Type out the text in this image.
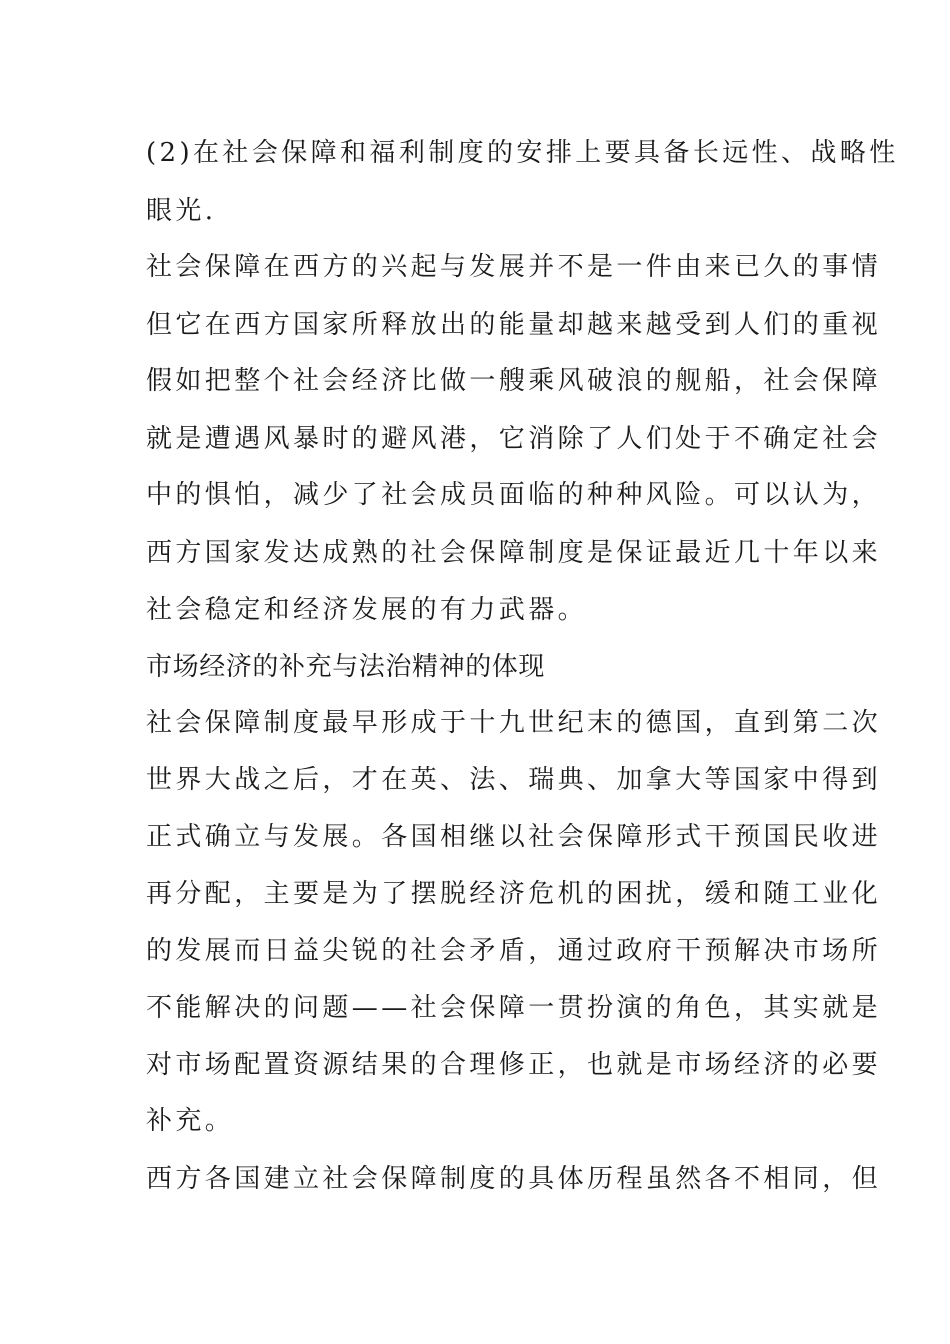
(2)在社会保障和福利制度的安排上要具备长远性、战略性
眼光.
社会保障在西方的兴起与发展并不是一件由来已久的事情
但它在西方国家所释放出的能量却越来越受到人们的重视
假如把整个社会经济比做一艘乘风破浪的舰船，社会保障
就是遭遇风暴时的避风港，它消除了人们处于不确定社会
中的惧怕，减少了社会成员面临的种种风险。可以认为，
西方国家发达成熟的社会保障制度是保证最近几十年以来
社会稳定和经济发展的有力武器。
市场经济的补充与法治精神的体现
社会保障制度最早形成于十九世纪末的德国，直到第二次
世界大战之后，才在英、法、瑞典、加拿大等国家中得到
正式确立与发展。各国相继以社会保障形式干预国民收进
再分配，主要是为了摆脱经济危机的困扰，缓和随工业化
的发展而日益尖锐的社会矛盾，通过政府干预解决市场所
不能解决的问题——社会保障一贯扮演的角色，其实就是
对市场配置资源结果的合理修正，也就是市场经济的必要
补充。
西方各国建立社会保障制度的具体历程虽然各不相同，但
